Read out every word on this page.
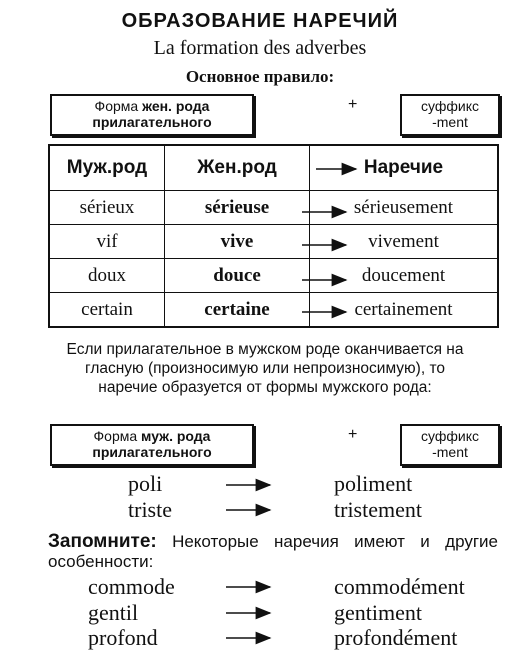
ОБРАЗОВАНИЕ НАРЕЧИЙ
La formation des adverbes
Основное правило:
Форма жен. рода
прилагательного
+	суффикс
-ment
Муж.род	Жен.род	Наречие
sérieux	sérieuse	sérieusement
vif	vive	vivement
doux	douce	doucement
certain	certaine	certainement
Если прилагательное в мужском роде оканчивается на гласную (произносимую или непроизносимую), то наречие образуется от формы мужского рода:
Форма муж. рода
прилагательного
+	суффикс
-ment
poli	poliment
triste	tristement
Запомните: Некоторые наречия имеют и другие особенности:
commode	commodément
gentil	gentiment
profond	profondément
